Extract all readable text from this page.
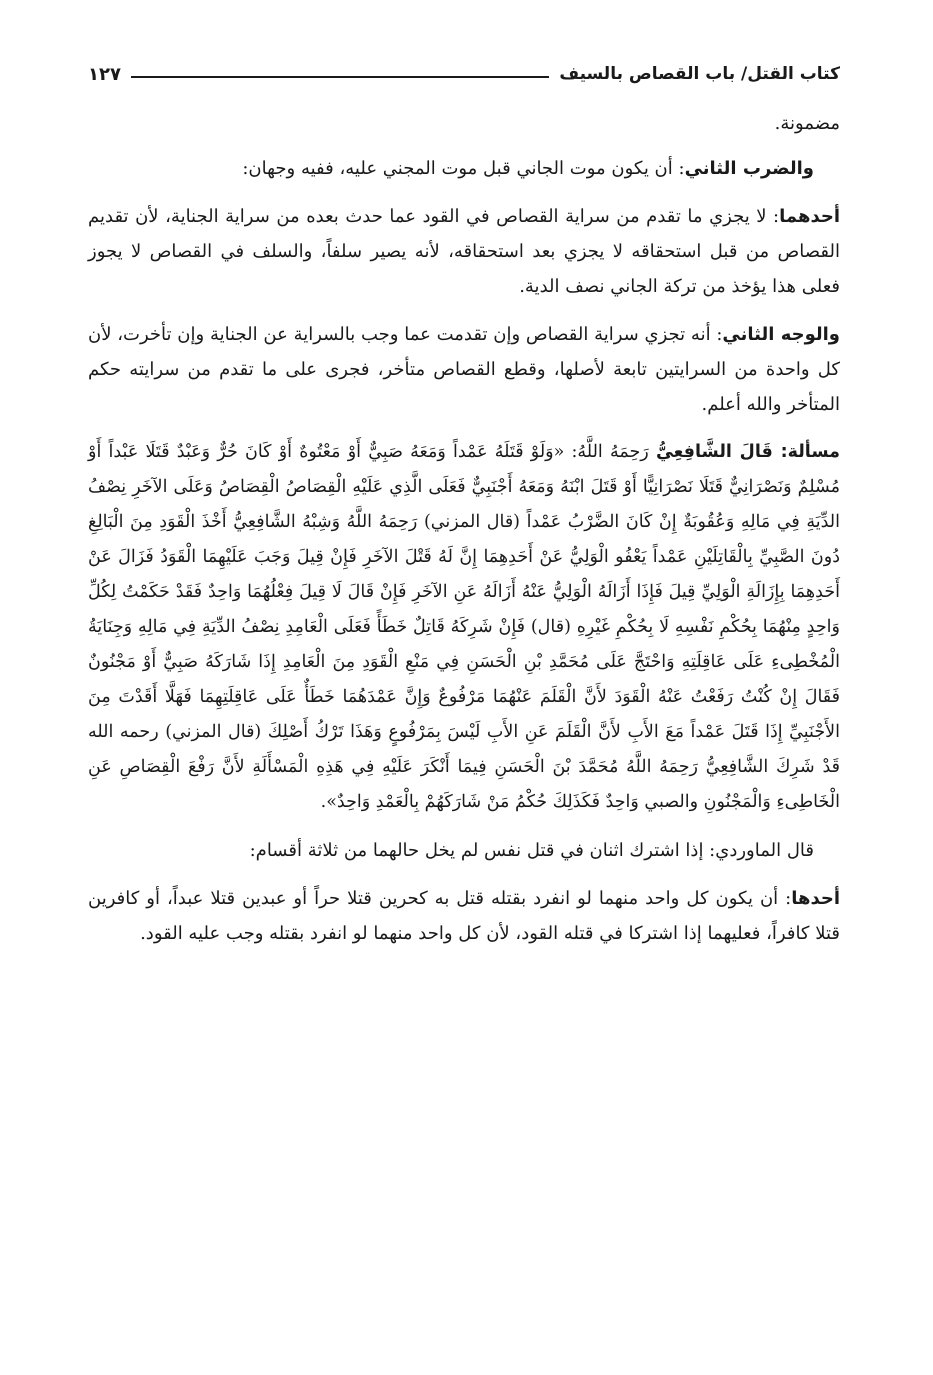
كتاب القتل/ باب القصاص بالسيف
١٢٧

مضمونة.

والضرب الثاني: أن يكون موت الجاني قبل موت المجني عليه، ففيه وجهان:

أحدهما: لا يجزي ما تقدم من سراية القصاص في القود عما حدث بعده من سراية الجناية، لأن تقديم القصاص من قبل استحقاقه لا يجزي بعد استحقاقه، لأنه يصير سلفاً، والسلف في القصاص لا يجوز فعلى هذا يؤخذ من تركة الجاني نصف الدية.

والوجه الثاني: أنه تجزي سراية القصاص وإن تقدمت عما وجب بالسراية عن الجناية وإن تأخرت، لأن كل واحدة من السرايتين تابعة لأصلها، وقطع القصاص متأخر، فجرى على ما تقدم من سرايته حكم المتأخر والله أعلم.

مسألة: قَالَ الشَّافِعِيُّ رَحِمَهُ اللَّهُ: «وَلَوْ قَتَلَهُ عَمْداً وَمَعَهُ صَبِيٌّ أَوْ مَعْتُوهٌ أَوْ كَانَ حُرٌّ وَعَبْدٌ قَتَلَا عَبْداً أَوْ مُسْلِمٌ وَنَصْرَانِيٌّ قَتَلَا نَصْرَانِيًّا أَوْ قَتَلَ ابْنَهُ وَمَعَهُ أَجْنَبِيٌّ فَعَلَى الَّذِي عَلَيْهِ الْقِصَاصُ الْقِصَاصُ وَعَلَى الآخَرِ نِصْفُ الدِّيَةِ فِي مَالِهِ وَعُقُوبَةٌ إِنْ كَانَ الضَّرْبُ عَمْداً (قال المزني) رَحِمَهُ اللَّهُ وَشِبْهُ الشَّافِعِيُّ أَخْذَ الْقَوَدِ مِنَ الْبَالِغِ دُونَ الصَّبِيِّ بِالْقَاتِلَيْنِ عَمْداً يَعْفُو الْوَلِيُّ عَنْ أَحَدِهِمَا إِنَّ لَهُ قَتْلَ الآخَرِ فَإِنْ قِيلَ وَجَبَ عَلَيْهِمَا الْقَوَدُ فَزَالَ عَنْ أَحَدِهِمَا بِإِزَالَةِ الْوَلِيِّ قِيلَ فَإِذَا أَزَالَهُ الْوَلِيُّ عَنْهُ أَزَالَهُ عَنِ الآخَرِ فَإِنْ قَالَ لَا قِيلَ فِعْلُهُمَا وَاحِدٌ فَقَدْ حَكَمْتُ لِكُلِّ وَاحِدٍ مِنْهُمَا بِحُكْمِ نَفْسِهِ لَا بِحُكْمِ غَيْرِهِ (قال) فَإِنْ شَرِكَهُ قَاتِلٌ خَطَأً فَعَلَى الْعَامِدِ نِصْفُ الدِّيَةِ فِي مَالِهِ وَجِنَايَةُ الْمُخْطِىءِ عَلَى عَاقِلَتِهِ وَاحْتَجَّ عَلَى مُحَمَّدِ بْنِ الْحَسَنِ فِي مَنْعِ الْقَوَدِ مِنَ الْعَامِدِ إِذَا شَارَكَهُ صَبِيٌّ أَوْ مَجْنُونٌ فَقَالَ إِنْ كُنْتُ رَفَعْتُ عَنْهُ الْقَوَدَ لأَنَّ الْقَلَمَ عَنْهُمَا مَرْفُوعٌ وَإِنَّ عَمْدَهُمَا خَطَأٌ عَلَى عَاقِلَتِهِمَا فَهَلَّا أَقَدْتَ مِنَ الأَجْنَبِيِّ إِذَا قَتَلَ عَمْداً مَعَ الأَبِ لأَنَّ الْقَلَمَ عَنِ الأَبِ لَيْسَ بِمَرْفُوعٍ وَهَذَا تَرْكُ أَصْلِكَ (قال المزني) رحمه الله قَدْ شَرِكَ الشَّافِعِيُّ رَحِمَهُ اللَّهُ مُحَمَّدَ بْنَ الْحَسَنِ فِيمَا أَنْكَرَ عَلَيْهِ فِي هَذِهِ الْمَسْأَلَةِ لأَنَّ رَفْعَ الْقِصَاصِ عَنِ الْخَاطِىءِ وَالْمَجْنُونِ والصبي وَاحِدٌ فَكَذَلِكَ حُكْمُ مَنْ شَارَكَهُمْ بِالْعَمْدِ وَاحِدٌ».

قال الماوردي: إذا اشترك اثنان في قتل نفس لم يخل حالهما من ثلاثة أقسام:

أحدها: أن يكون كل واحد منهما لو انفرد بقتله قتل به كحرين قتلا حراً أو عبدين قتلا عبداً، أو كافرين قتلا كافراً، فعليهما إذا اشتركا في قتله القود، لأن كل واحد منهما لو انفرد بقتله وجب عليه القود.
